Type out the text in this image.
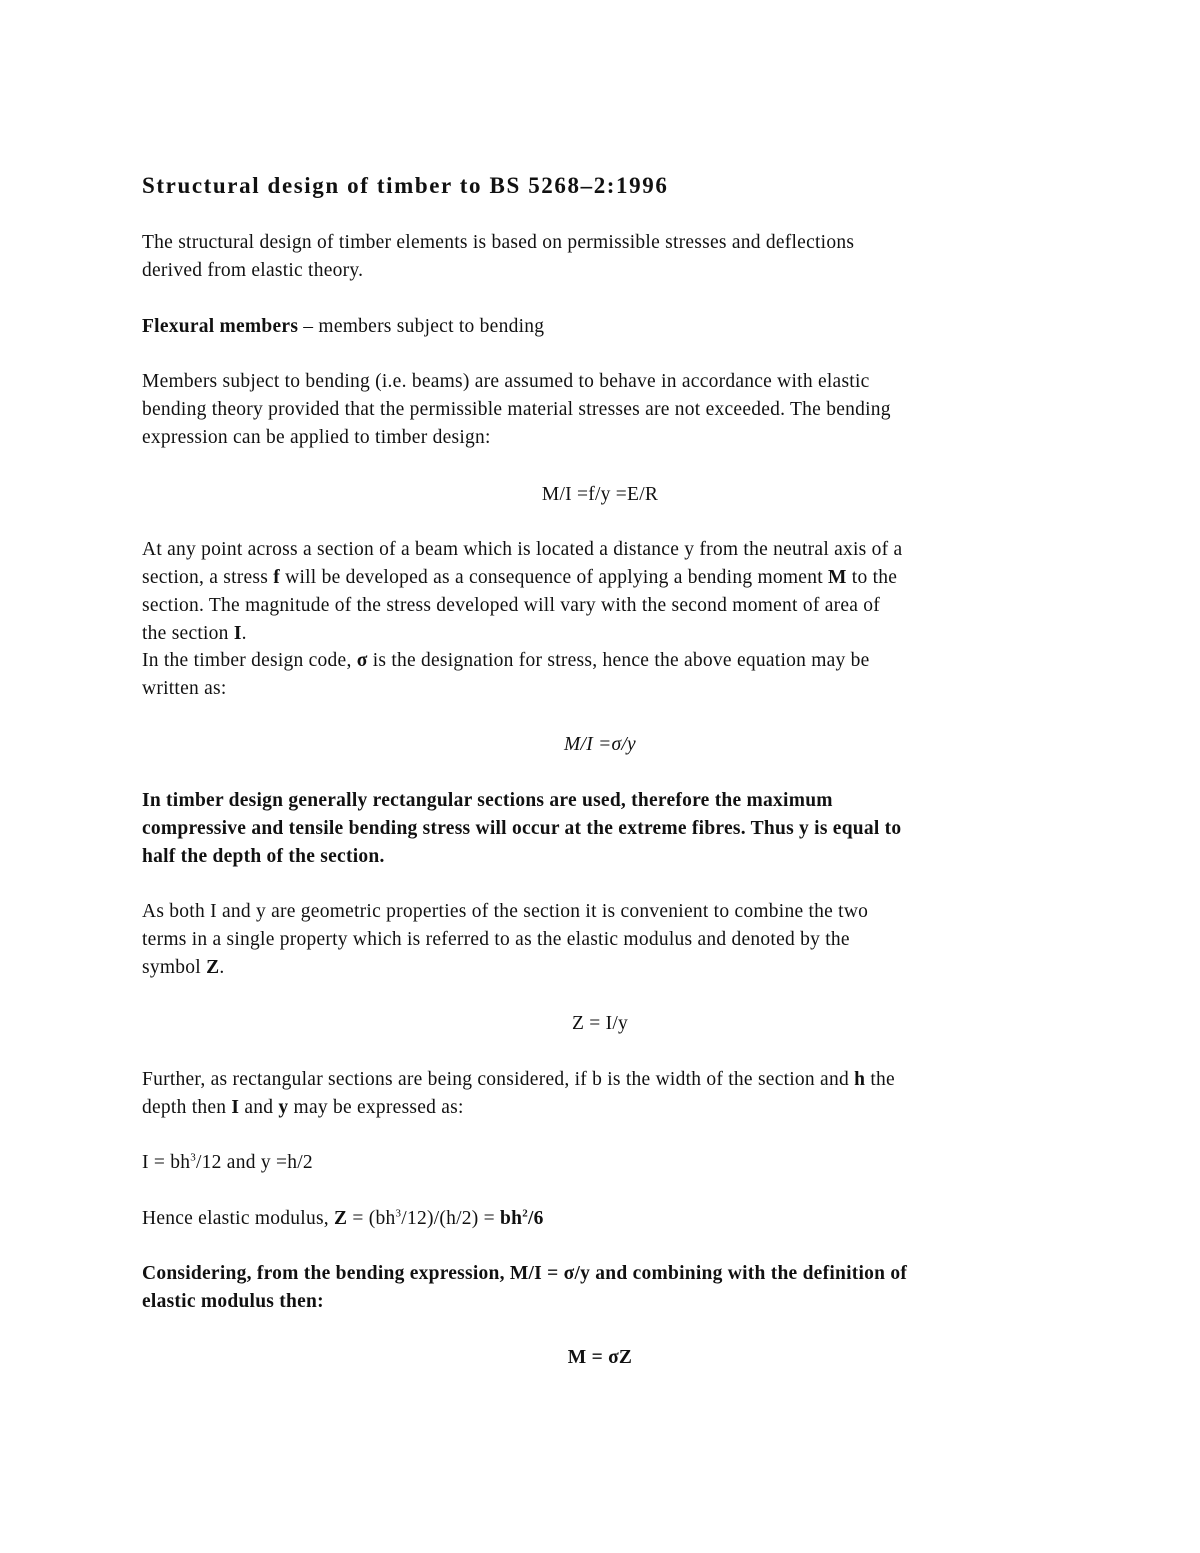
Structural design of timber to BS 5268–2:1996
The structural design of timber elements is based on permissible stresses and deflections
derived from elastic theory.
Flexural members – members subject to bending
Members subject to bending (i.e. beams) are assumed to behave in accordance with elastic
bending theory provided that the permissible material stresses are not exceeded. The bending
expression can be applied to timber design:
M/I =f/y =E/R
At any point across a section of a beam which is located a distance y from the neutral axis of a
section, a stress f will be developed as a consequence of applying a bending moment M to the
section. The magnitude of the stress developed will vary with the second moment of area of
the section I.
In the timber design code, σ is the designation for stress, hence the above equation may be
written as:
M/I =σ/y
In timber design generally rectangular sections are used, therefore the maximum
compressive and tensile bending stress will occur at the extreme fibres. Thus y is equal to
half the depth of the section.
As both I and y are geometric properties of the section it is convenient to combine the two
terms in a single property which is referred to as the elastic modulus and denoted by the
symbol Z.
Z = I/y
Further, as rectangular sections are being considered, if b is the width of the section and h the
depth then I and y may be expressed as:
$I = bh^3/12$ and y =h/2
Hence elastic modulus, $Z = (bh^3/12)/(h/2) = bh^2/6$
Considering, from the bending expression, M/I = σ/y and combining with the definition of
elastic modulus then:
M = σZ
